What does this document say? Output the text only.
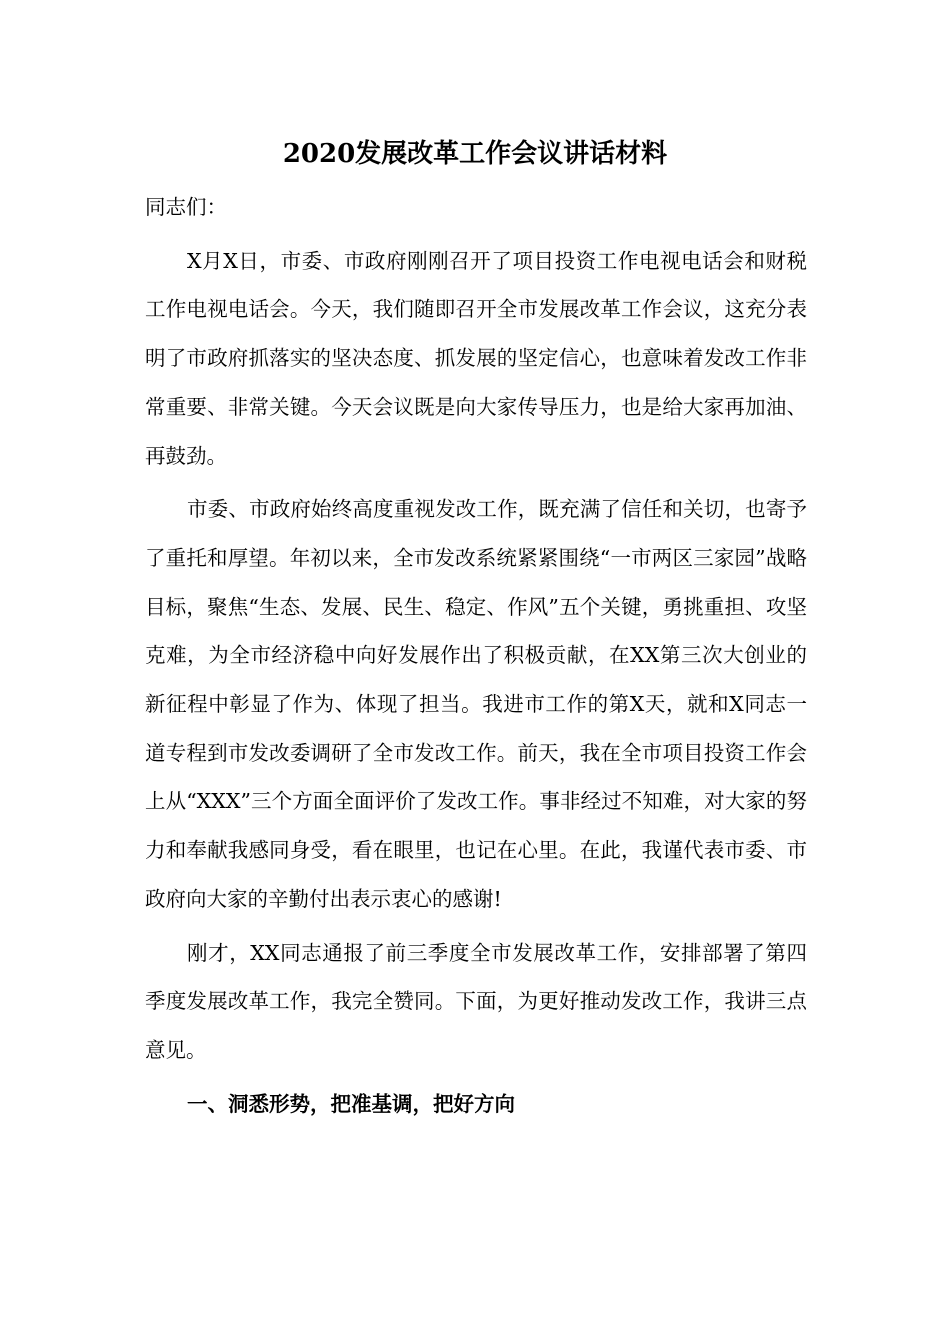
2020发展改革工作会议讲话材料

同志们：

X月X日，市委、市政府刚刚召开了项目投资工作电视电话会和财税工作电视电话会。今天，我们随即召开全市发展改革工作会议，这充分表明了市政府抓落实的坚决态度、抓发展的坚定信心，也意味着发改工作非常重要、非常关键。今天会议既是向大家传导压力，也是给大家再加油、再鼓劲。

市委、市政府始终高度重视发改工作，既充满了信任和关切，也寄予了重托和厚望。年初以来，全市发改系统紧紧围绕“一市两区三家园”战略目标，聚焦“生态、发展、民生、稳定、作风”五个关键，勇挑重担、攻坚克难，为全市经济稳中向好发展作出了积极贡献，在XX第三次大创业的新征程中彰显了作为、体现了担当。我进市工作的第X天，就和X同志一道专程到市发改委调研了全市发改工作。前天，我在全市项目投资工作会上从“XXX”三个方面全面评价了发改工作。事非经过不知难，对大家的努力和奉献我感同身受，看在眼里，也记在心里。在此，我谨代表市委、市政府向大家的辛勤付出表示衷心的感谢!

刚才，XX同志通报了前三季度全市发展改革工作，安排部署了第四季度发展改革工作，我完全赞同。下面，为更好推动发改工作，我讲三点意见。

一、洞悉形势，把准基调，把好方向
